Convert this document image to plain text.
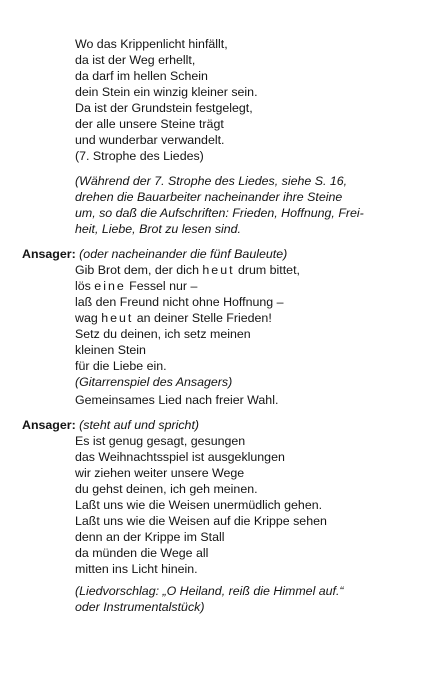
Wo das Krippenlicht hinfällt,
da ist der Weg erhellt,
da darf im hellen Schein
dein Stein ein winzig kleiner sein.
Da ist der Grundstein festgelegt,
der alle unsere Steine trägt
und wunderbar verwandelt.
(7. Strophe des Liedes)
(Während der 7. Strophe des Liedes, siehe S. 16,
drehen die Bauarbeiter nacheinander ihre Steine
um, so daß die Aufschriften: Frieden, Hoffnung, Frei-
heit, Liebe, Brot zu lesen sind.
Ansager: (oder nacheinander die fünf Bauleute)
Gib Brot dem, der dich heut drum bittet,
lös eine Fessel nur –
laß den Freund nicht ohne Hoffnung –
wag heut an deiner Stelle Frieden!
Setz du deinen, ich setz meinen
kleinen Stein
für die Liebe ein.
(Gitarrenspiel des Ansagers)
Gemeinsames Lied nach freier Wahl.
Ansager: (steht auf und spricht)
Es ist genug gesagt, gesungen
das Weihnachtsspiel ist ausgeklungen
wir ziehen weiter unsere Wege
du gehst deinen, ich geh meinen.
Laßt uns wie die Weisen unermüdlich gehen.
Laßt uns wie die Weisen auf die Krippe sehen
denn an der Krippe im Stall
da münden die Wege all
mitten ins Licht hinein.
(Liedvorschlag: „O Heiland, reiß die Himmel auf.“
oder Instrumentalstück)
